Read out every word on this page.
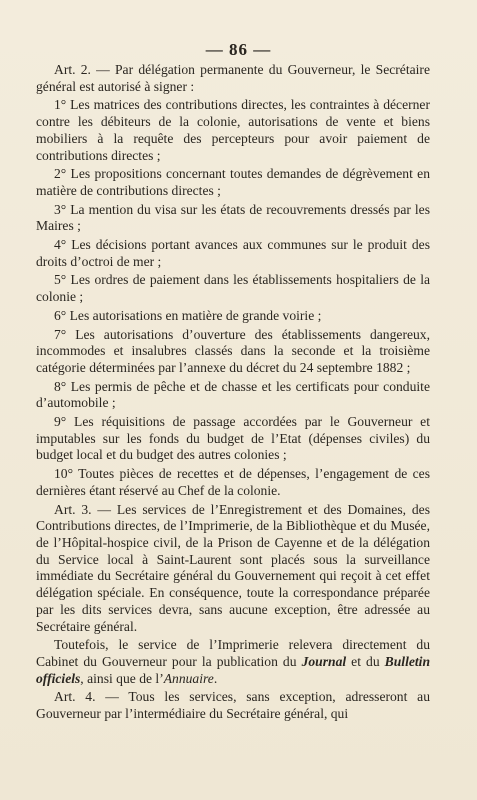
— 86 —

Art. 2. — Par délégation permanente du Gouverneur, le Secrétaire général est autorisé à signer :

1° Les matrices des contributions directes, les contraintes à décerner contre les débiteurs de la colonie, autorisations de vente et biens mobiliers à la requête des percepteurs pour avoir paiement de contributions directes ;

2° Les propositions concernant toutes demandes de dégrèvement en matière de contributions directes ;

3° La mention du visa sur les états de recouvrements dressés par les Maires ;

4° Les décisions portant avances aux communes sur le produit des droits d’octroi de mer ;

5° Les ordres de paiement dans les établissements hospitaliers de la colonie ;

6° Les autorisations en matière de grande voirie ;

7° Les autorisations d’ouverture des établissements dangereux, incommodes et insalubres classés dans la seconde et la troisième catégorie déterminées par l’annexe du décret du 24 septembre 1882 ;

8° Les permis de pêche et de chasse et les certificats pour conduite d’automobile ;

9° Les réquisitions de passage accordées par le Gouverneur et imputables sur les fonds du budget de l’Etat (dépenses civiles) du budget local et du budget des autres colonies ;

10° Toutes pièces de recettes et de dépenses, l’engagement de ces dernières étant réservé au Chef de la colonie.

Art. 3. — Les services de l’Enregistrement et des Domaines, des Contributions directes, de l’Imprimerie, de la Bibliothèque et du Musée, de l’Hôpital-hospice civil, de la Prison de Cayenne et de la délégation du Service local à Saint-Laurent sont placés sous la surveillance immédiate du Secrétaire général du Gouvernement qui reçoit à cet effet délégation spéciale. En conséquence, toute la correspondance préparée par les dits services devra, sans aucune exception, être adressée au Secrétaire général.

Toutefois, le service de l’Imprimerie relevera directement du Cabinet du Gouverneur pour la publication du Journal et du Bulletin officiels, ainsi que de l’Annuaire.

Art. 4. — Tous les services, sans exception, adresseront au Gouverneur par l’intermédiaire du Secrétaire général, qui
